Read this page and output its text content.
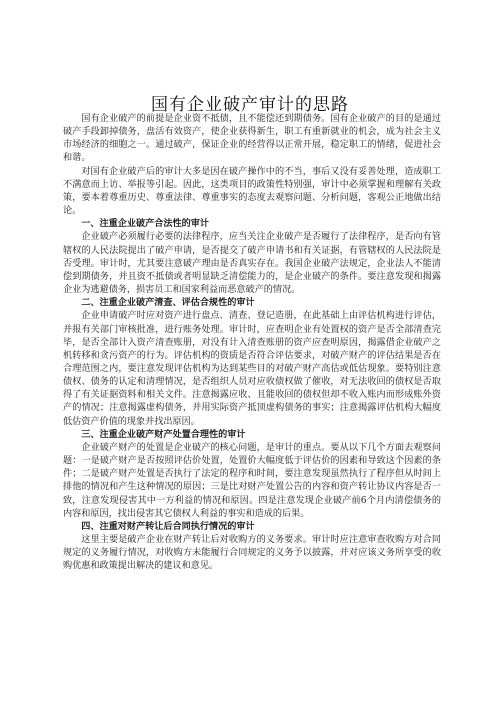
国有企业破产审计的思路

国有企业破产的前提是企业资不抵债，且不能偿还到期债务。国有企业破产的目的是通过破产手段卸掉债务，盘活有效资产，使企业获得新生，职工有重新就业的机会，成为社会主义市场经济的细胞之一。通过破产，保证企业的经营得以正常开展，稳定职工的情绪，促进社会和谐。

对国有企业破产后的审计大多是因在破产操作中的不当，事后又没有妥善处理，造成职工不满意而上访、举报等引起。因此，这类项目的政策性特别强，审计中必须掌握和理解有关政策，要本着尊重历史、尊重法律、尊重事实的态度去观察问题、分析问题，客观公正地做出结论。

一、注重企业破产合法性的审计

企业破产必须履行必要的法律程序，应当关注企业破产是否履行了法律程序，是否向有管辖权的人民法院提出了破产申请，是否提交了破产申请书和有关证据，有管辖权的人民法院是否受理。审计时，尤其要注意破产理由是否真实存在。我国企业破产法规定，企业法人不能清偿到期债务，并且资不抵债或者明显缺乏清偿能力的，是企业破产的条件。要注意发现和揭露企业为逃避债务，损害员工和国家利益而恶意破产的情况。

二、注重企业破产清查、评估合规性的审计

企业申请破产时应对资产进行盘点、清查、登记造册，在此基础上由评估机构进行评估，并报有关部门审核批准，进行账务处理。审计时，应查明企业有处置权的资产是否全部清查完毕，是否全部计入资产清查账册，对没有计入清查账册的资产应查明原因，揭露借企业破产之机转移和贪污资产的行为。评估机构的资质是否符合评估要求，对破产财产的评估结果是否在合理范围之内，要注意发现评估机构为达到某些目的对破产财产高估或低估现象。要特别注意债权、债务的认定和清理情况，是否组织人员对应收债权做了催收，对无法收回的债权是否取得了有关证据资料和相关文件。注意揭露应收、且能收回的债权但却不收入账内而形成账外资产的情况；注意揭露虚构债务，并用实际资产抵顶虚构债务的事实；注意揭露评估机构大幅度低估资产价值的现象并找出原因。

三、注重企业破产财产处置合理性的审计

企业破产财产的处置是企业破产的核心问题，是审计的重点。要从以下几个方面去观察问题：一是破产财产是否按照评估价处置，处置价大幅度低于评估价的因素和导致这个因素的条件；二是破产财产处置是否执行了法定的程序和时间，要注意发现虽然执行了程序但从时间上排他的情况和产生这种情况的原因；三是比对财产处置公告的内容和资产转让协议内容是否一致，注意发现侵害其中一方利益的情况和原因。四是注意发现企业破产前6个月内清偿债务的内容和原因，找出侵害其它债权人利益的事实和造成的后果。

四、注重对财产转让后合同执行情况的审计

这里主要是破产企业在财产转让后对收购方的义务要求。审计时应注意审查收购方对合同规定的义务履行情况，对收购方未能履行合同规定的义务予以披露，并对应该义务所享受的收购优惠和政策提出解决的建议和意见。
